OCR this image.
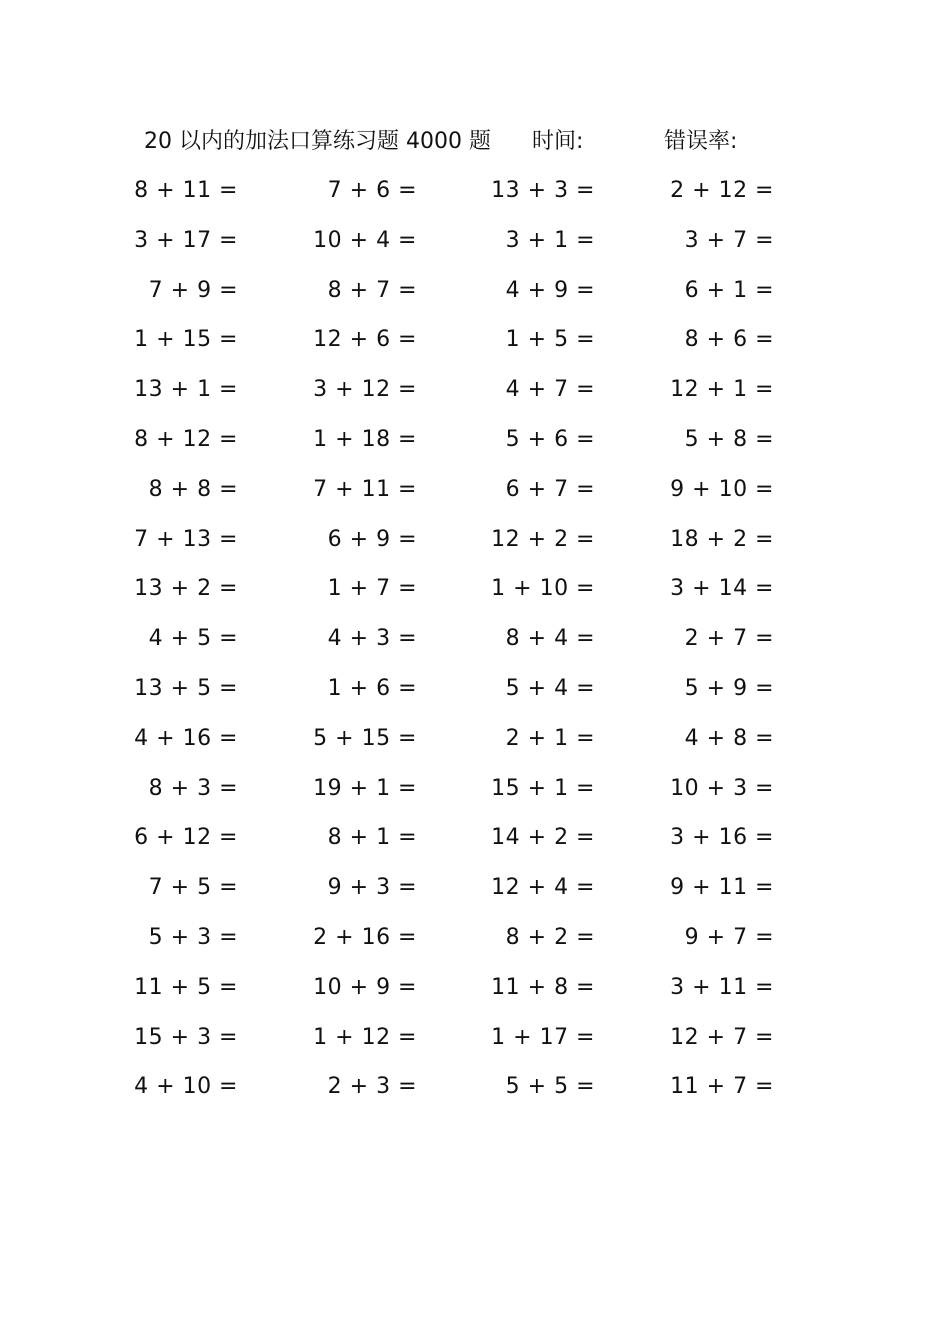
20 以内的加法口算练习题 4000 题 时间:	错误率:
8 + 11 =	7 + 6 =	13 + 3 =	2 + 12 =
3 + 17 =	10 + 4 =	3 + 1 =	3 + 7 =
7 + 9 =	8 + 7 =	4 + 9 =	6 + 1 =
1 + 15 =	12 + 6 =	1 + 5 =	8 + 6 =
13 + 1 =	3 + 12 =	4 + 7 =	12 + 1 =
8 + 12 =	1 + 18 =	5 + 6 =	5 + 8 =
8 + 8 =	7 + 11 =	6 + 7 =	9 + 10 =
7 + 13 =	6 + 9 =	12 + 2 =	18 + 2 =
13 + 2 =	1 + 7 =	1 + 10 =	3 + 14 =
4 + 5 =	4 + 3 =	8 + 4 =	2 + 7 =
13 + 5 =	1 + 6 =	5 + 4 =	5 + 9 =
4 + 16 =	5 + 15 =	2 + 1 =	4 + 8 =
8 + 3 =	19 + 1 =	15 + 1 =	10 + 3 =
6 + 12 =	8 + 1 =	14 + 2 =	3 + 16 =
7 + 5 =	9 + 3 =	12 + 4 =	9 + 11 =
5 + 3 =	2 + 16 =	8 + 2 =	9 + 7 =
11 + 5 =	10 + 9 =	11 + 8 =	3 + 11 =
15 + 3 =	1 + 12 =	1 + 17 =	12 + 7 =
4 + 10 =	2 + 3 =	5 + 5 =	11 + 7 =
